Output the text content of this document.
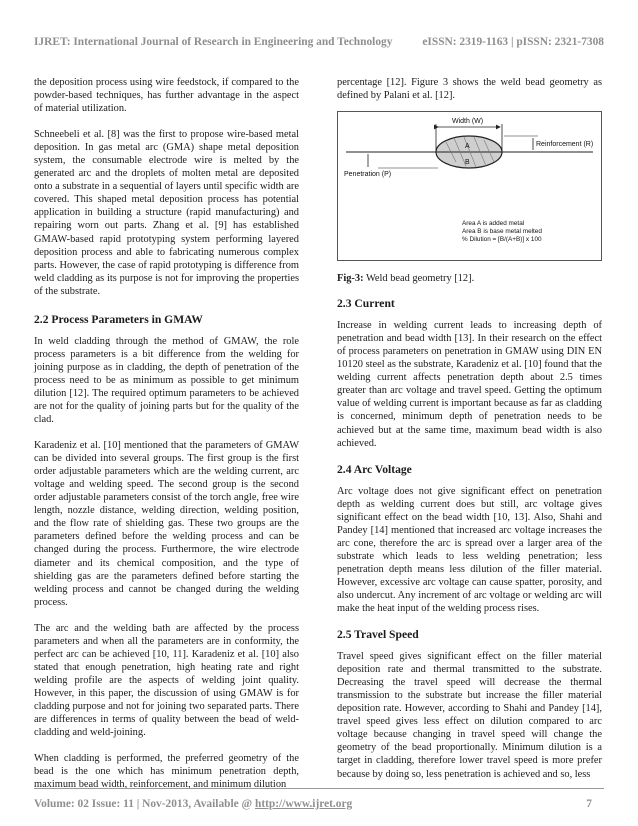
IJRET: International Journal of Research in Engineering and Technology	eISSN: 2319-1163 | pISSN: 2321-7308

the deposition process using wire feedstock, if compared to the powder-based techniques, has further advantage in the aspect of material utilization.

Schneebeli et al. [8] was the first to propose wire-based metal deposition. In gas metal arc (GMA) shape metal deposition system, the consumable electrode wire is melted by the generated arc and the droplets of molten metal are deposited onto a substrate in a sequential of layers until specific width are covered. This shaped metal deposition process has potential application in building a structure (rapid manufacturing) and repairing worn out parts. Zhang et al. [9] has established GMAW-based rapid prototyping system performing layered deposition process and able to fabricating numerous complex parts. However, the case of rapid prototyping is difference from weld cladding as its purpose is not for improving the properties of the substrate.

2.2 Process Parameters in GMAW

In weld cladding through the method of GMAW, the role process parameters is a bit difference from the welding for joining purpose as in cladding, the depth of penetration of the process need to be as minimum as possible to get minimum dilution [12]. The required optimum parameters to be achieved are not for the quality of joining parts but for the quality of the clad.

Karadeniz et al. [10] mentioned that the parameters of GMAW can be divided into several groups. The first group is the first order adjustable parameters which are the welding current, arc voltage and welding speed. The second group is the second order adjustable parameters consist of the torch angle, free wire length, nozzle distance, welding direction, welding position, and the flow rate of shielding gas. These two groups are the parameters defined before the welding process and can be changed during the process. Furthermore, the wire electrode diameter and its chemical composition, and the type of shielding gas are the parameters defined before starting the welding process and cannot be changed during the welding process.

The arc and the welding bath are affected by the process parameters and when all the parameters are in conformity, the perfect arc can be achieved [10, 11]. Karadeniz et al. [10] also stated that enough penetration, high heating rate and right welding profile are the aspects of welding joint quality. However, in this paper, the discussion of using GMAW is for cladding purpose and not for joining two separated parts. There are differences in terms of quality between the bead of weld-cladding and weld-joining.

When cladding is performed, the preferred geometry of the bead is the one which has minimum penetration depth, maximum bead width, reinforcement, and minimum dilution

percentage [12]. Figure 3 shows the weld bead geometry as defined by Palani et al. [12].

A
B
Width (W)
Reinforcement (R)
Penetration (P)
Area A is added metal
Area B is base metal melted
% Dilution = [B/(A+B)] x 100

Fig-3: Weld bead geometry [12].

2.3 Current

Increase in welding current leads to increasing depth of penetration and bead width [13]. In their research on the effect of process parameters on penetration in GMAW using DIN EN 10120 steel as the substrate, Karadeniz et al. [10] found that the welding current affects penetration depth about 2.5 times greater than arc voltage and travel speed. Getting the optimum value of welding current is important because as far as cladding is concerned, minimum depth of penetration needs to be achieved but at the same time, maximum bead width is also achieved.

2.4 Arc Voltage

Arc voltage does not give significant effect on penetration depth as welding current does but still, arc voltage gives significant effect on the bead width [10, 13]. Also, Shahi and Pandey [14] mentioned that increased arc voltage increases the arc cone, therefore the arc is spread over a larger area of the substrate which leads to less welding penetration; less penetration depth means less dilution of the filler material. However, excessive arc voltage can cause spatter, porosity, and also undercut. Any increment of arc voltage or welding arc will make the heat input of the welding process rises.

2.5 Travel Speed

Travel speed gives significant effect on the filler material deposition rate and thermal transmitted to the substrate. Decreasing the travel speed will decrease the thermal transmission to the substrate but increase the filler material deposition rate. However, according to Shahi and Pandey [14], travel speed gives less effect on dilution compared to arc voltage because changing in travel speed will change the geometry of the bead proportionally. Minimum dilution is a target in cladding, therefore lower travel speed is more prefer because by doing so, less penetration is achieved and so, less

Volume: 02 Issue: 11 | Nov-2013, Available @ http://www.ijret.org	7
